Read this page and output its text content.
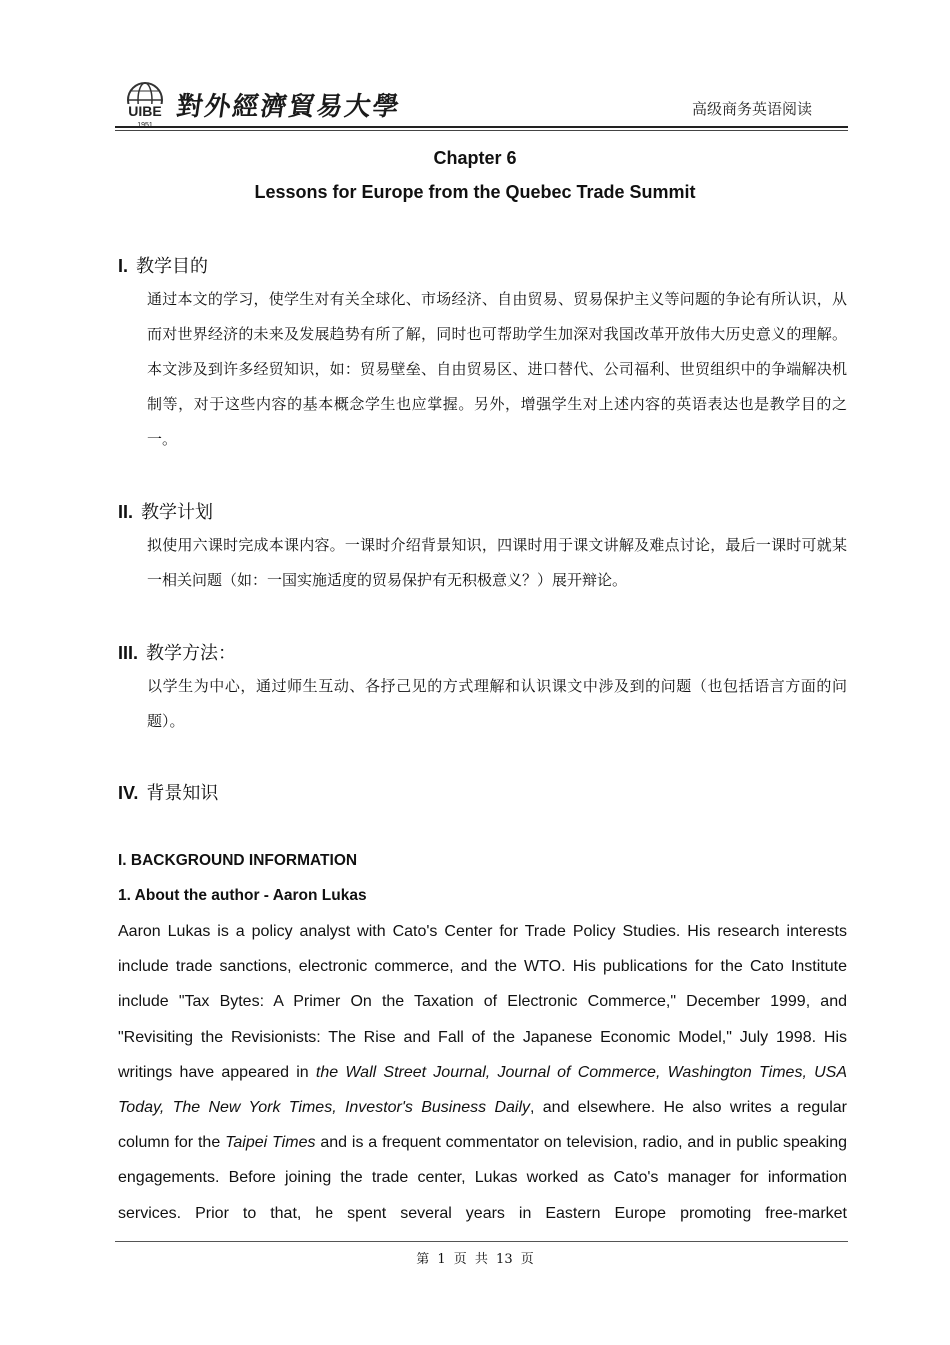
UIBE 對外經濟貿易大學	高级商务英语阅读
Chapter 6
Lessons for Europe from the Quebec Trade Summit
I. 教学目的
通过本文的学习，使学生对有关全球化、市场经济、自由贸易、贸易保护主义等问题的争论有所认识，从而对世界经济的未来及发展趋势有所了解，同时也可帮助学生加深对我国改革开放伟大历史意义的理解。本文涉及到许多经贸知识，如：贸易壁垒、自由贸易区、进口替代、公司福利、世贸组织中的争端解决机制等，对于这些内容的基本概念学生也应掌握。另外，增强学生对上述内容的英语表达也是教学目的之一。
II. 教学计划
拟使用六课时完成本课内容。一课时介绍背景知识，四课时用于课文讲解及难点讨论，最后一课时可就某一相关问题（如：一国实施适度的贸易保护有无积极意义？）展开辩论。
III. 教学方法：
以学生为中心，通过师生互动、各抒己见的方式理解和认识课文中涉及到的问题（也包括语言方面的问题）。
IV. 背景知识
I. BACKGROUND INFORMATION
1. About the author - Aaron Lukas
Aaron Lukas is a policy analyst with Cato's Center for Trade Policy Studies. His research interests include trade sanctions, electronic commerce, and the WTO. His publications for the Cato Institute include "Tax Bytes: A Primer On the Taxation of Electronic Commerce," December 1999, and "Revisiting the Revisionists: The Rise and Fall of the Japanese Economic Model," July 1998. His writings have appeared in the Wall Street Journal, Journal of Commerce, Washington Times, USA Today, The New York Times, Investor's Business Daily, and elsewhere. He also writes a regular column for the Taipei Times and is a frequent commentator on television, radio, and in public speaking engagements. Before joining the trade center, Lukas worked as Cato's manager for information services. Prior to that, he spent several years in Eastern Europe promoting free-market
第 1 页 共 13 页
